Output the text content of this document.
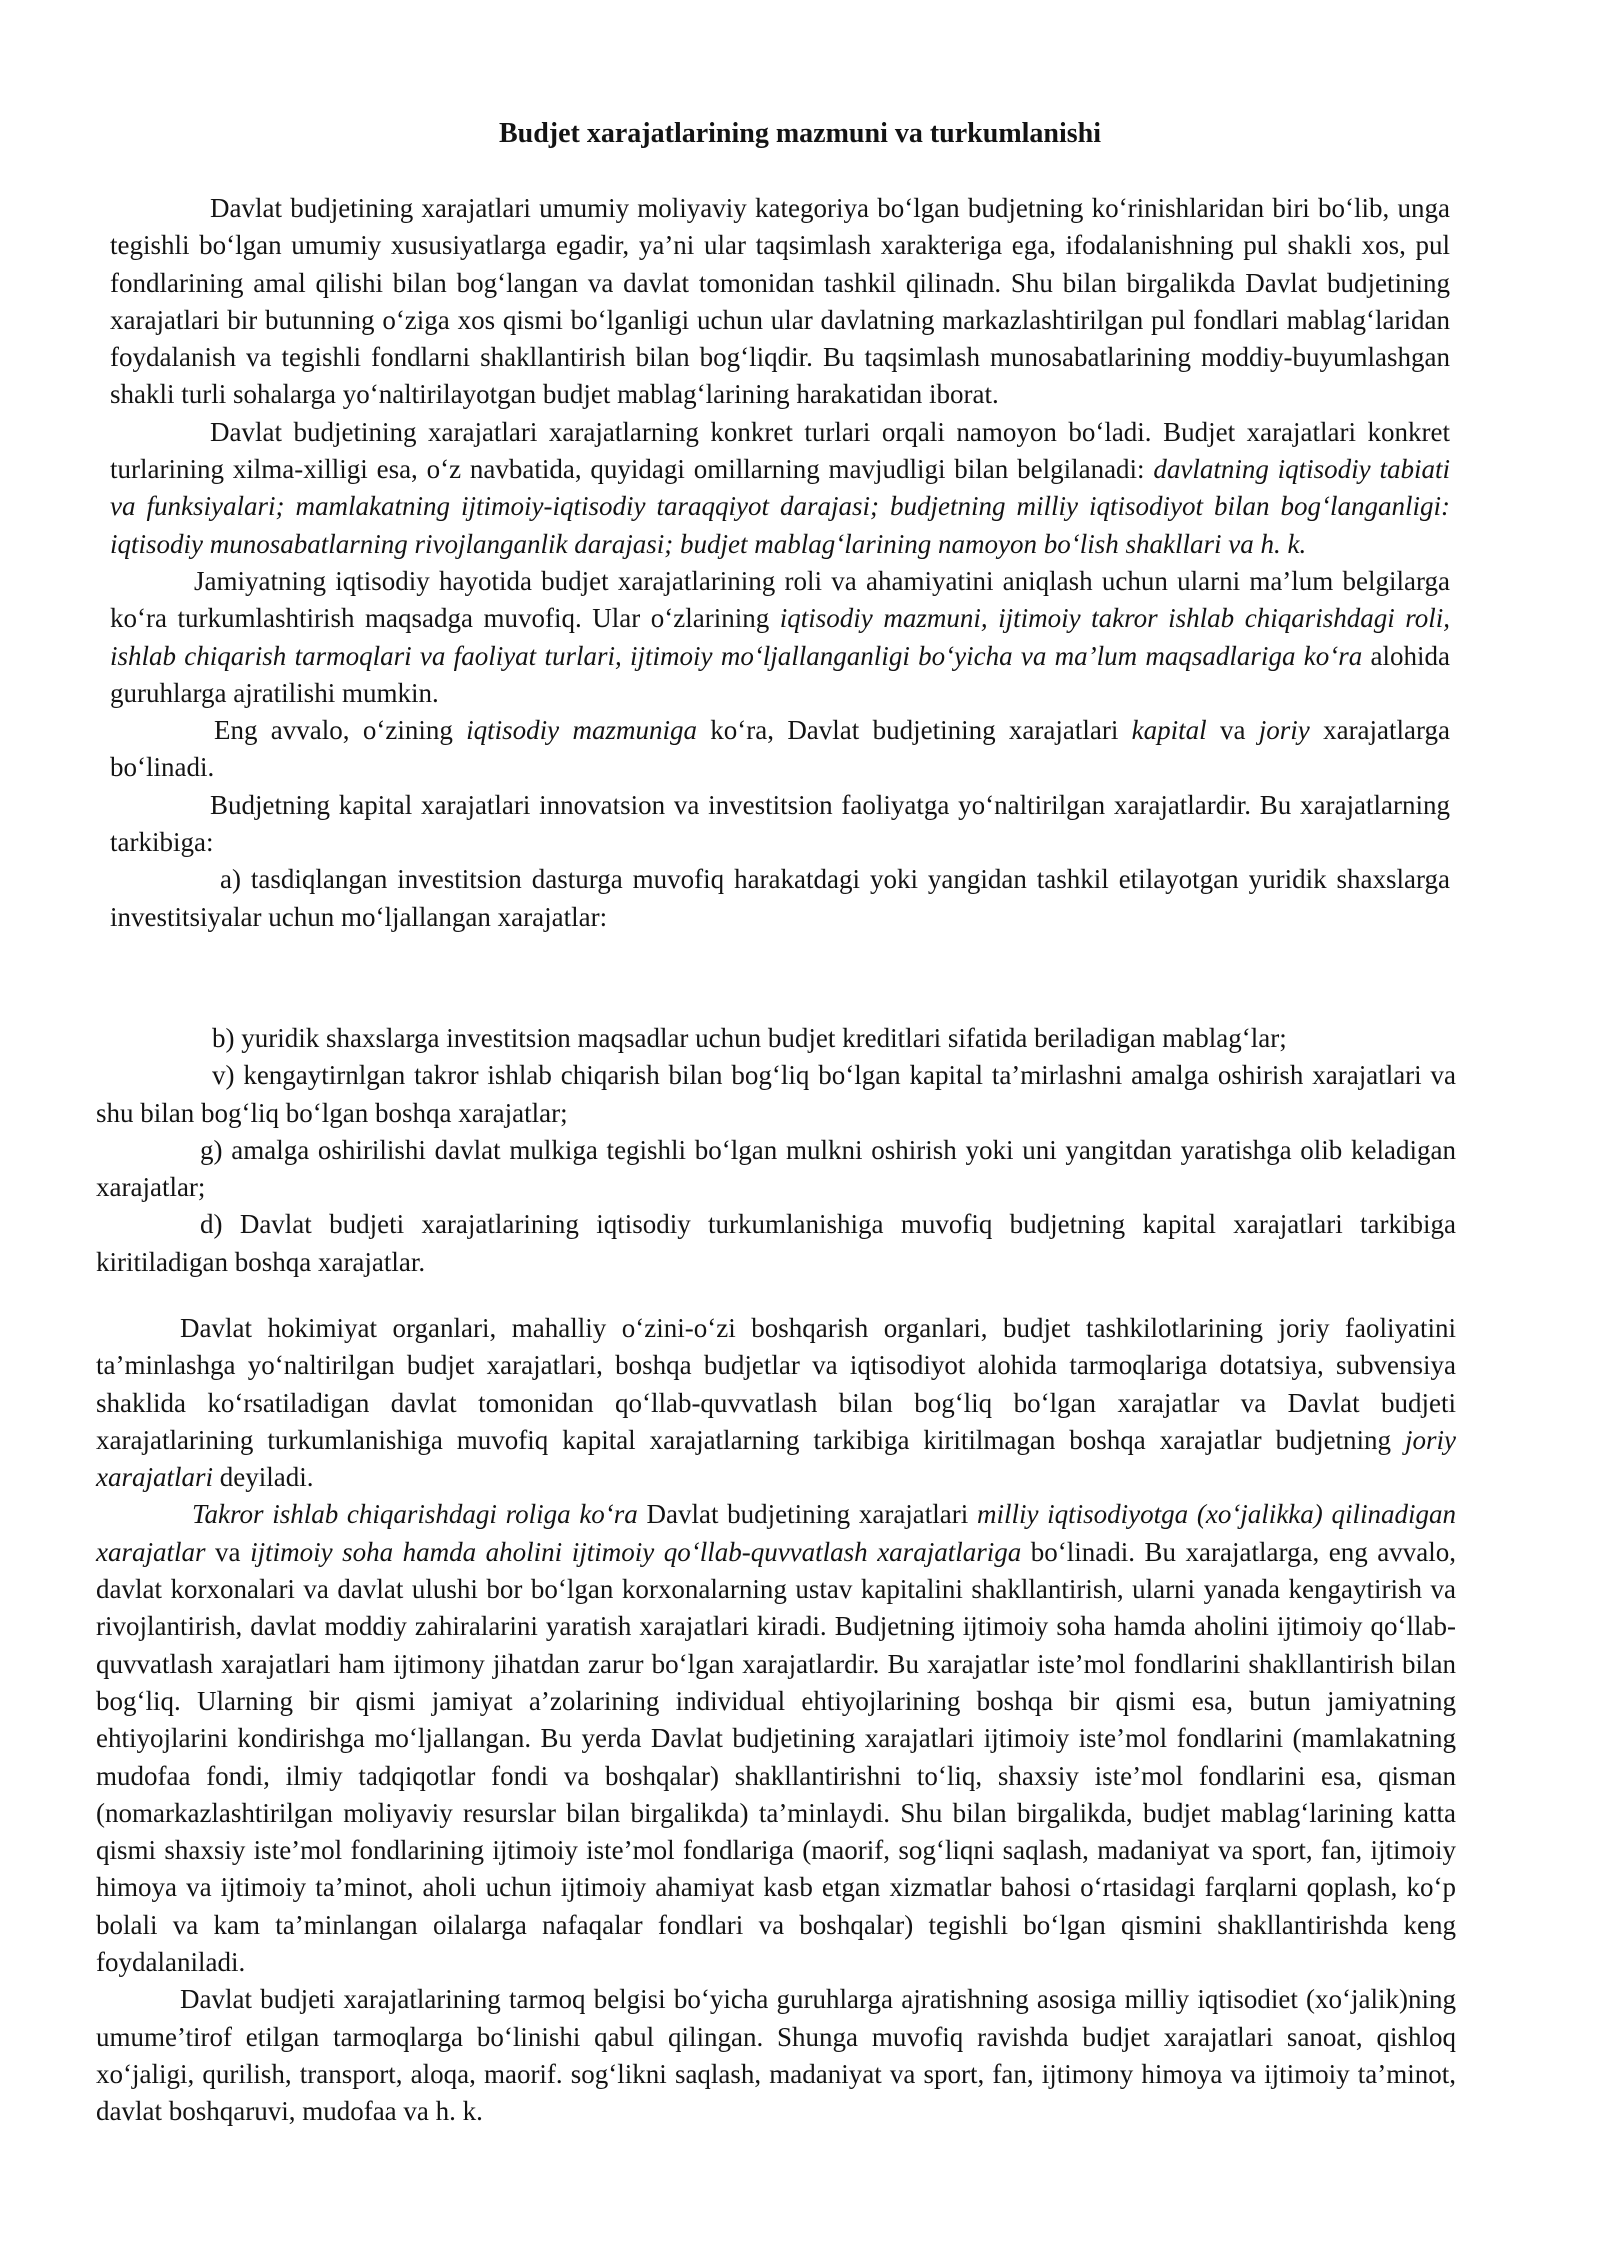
Budjet xarajatlarining mazmuni va turkumlanishi

Davlat budjetining xarajatlari umumiy moliyaviy kategoriya bo‘lgan budjetning ko‘rinishlaridan biri bo‘lib, unga tegishli bo‘lgan umumiy xususiyatlarga egadir, ya’ni ular taqsimlash xarakteriga ega, ifodalanishning pul shakli xos, pul fondlarining amal qilishi bilan bog‘langan va davlat tomonidan tashkil qilinadn. Shu bilan birgalikda Davlat budjetining xarajatlari bir butunning o‘ziga xos qismi bo‘lganligi uchun ular davlatning markazlashtirilgan pul fondlari mablag‘laridan foydalanish va tegishli fondlarni shakllantirish bilan bog‘liqdir. Bu taqsimlash munosabatlarining moddiy-buyumlashgan shakli turli sohalarga yo‘naltirilayotgan budjet mablag‘larining harakatidan iborat.

Davlat budjetining xarajatlari xarajatlarning konkret turlari orqali namoyon bo‘ladi. Budjet xarajatlari konkret turlarining xilma-xilligi esa, o‘z navbatida, quyidagi omillarning mavjudligi bilan belgilanadi: davlatning iqtisodiy tabiati va funksiyalari; mamlakatning ijtimoiy-iqtisodiy taraqqiyot darajasi; budjetning milliy iqtisodiyot bilan bog‘langanligi: iqtisodiy munosabatlarning rivojlanganlik darajasi; budjet mablag‘larining namoyon bo‘lish shakllari va h. k.

Jamiyatning iqtisodiy hayotida budjet xarajatlarining roli va ahamiyatini aniqlash uchun ularni ma’lum belgilarga ko‘ra turkumlashtirish maqsadga muvofiq. Ular o‘zlarining iqtisodiy mazmuni, ijtimoiy takror ishlab chiqarishdagi roli, ishlab chiqarish tarmoqlari va faoliyat turlari, ijtimoiy mo‘ljallanganligi bo‘yicha va ma’lum maqsadlariga ko‘ra alohida guruhlarga ajratilishi mumkin.

Eng avvalo, o‘zining iqtisodiy mazmuniga ko‘ra, Davlat budjetining xarajatlari kapital va joriy xarajatlarga bo‘linadi.

Budjetning kapital xarajatlari innovatsion va investitsion faoliyatga yo‘naltirilgan xarajatlardir. Bu xarajatlarning tarkibiga:

a) tasdiqlangan investitsion dasturga muvofiq harakatdagi yoki yangidan tashkil etilayotgan yuridik shaxslarga investitsiyalar uchun mo‘ljallangan xarajatlar:

b) yuridik shaxslarga investitsion maqsadlar uchun budjet kreditlari sifatida beriladigan mablag‘lar;

v) kengaytirnlgan takror ishlab chiqarish bilan bog‘liq bo‘lgan kapital ta’mirlashni amalga oshirish xarajatlari va shu bilan bog‘liq bo‘lgan boshqa xarajatlar;

g) amalga oshirilishi davlat mulkiga tegishli bo‘lgan mulkni oshirish yoki uni yangitdan yaratishga olib keladigan xarajatlar;

d) Davlat budjeti xarajatlarining iqtisodiy turkumlanishiga muvofiq budjetning kapital xarajatlari tarkibiga kiritiladigan boshqa xarajatlar.

Davlat hokimiyat organlari, mahalliy o‘zini-o‘zi boshqarish organlari, budjet tashkilotlarining joriy faoliyatini ta’minlashga yo‘naltirilgan budjet xarajatlari, boshqa budjetlar va iqtisodiyot alohida tarmoqlariga dotatsiya, subvensiya shaklida ko‘rsatiladigan davlat tomonidan qo‘llab-quvvatlash bilan bog‘liq bo‘lgan xarajatlar va Davlat budjeti xarajatlarining turkumlanishiga muvofiq kapital xarajatlarning tarkibiga kiritilmagan boshqa xarajatlar budjetning joriy xarajatlari deyiladi.

Takror ishlab chiqarishdagi roliga ko‘ra Davlat budjetining xarajatlari milliy iqtisodiyotga (xo‘jalikka) qilinadigan xarajatlar va ijtimoiy soha hamda aholini ijtimoiy qo‘llab-quvvatlash xarajatlariga bo‘linadi. Bu xarajatlarga, eng avvalo, davlat korxonalari va davlat ulushi bor bo‘lgan korxonalarning ustav kapitalini shakllantirish, ularni yanada kengaytirish va rivojlantirish, davlat moddiy zahiralarini yaratish xarajatlari kiradi. Budjetning ijtimoiy soha hamda aholini ijtimoiy qo‘llab-quvvatlash xarajatlari ham ijtimony jihatdan zarur bo‘lgan xarajatlardir. Bu xarajatlar iste’mol fondlarini shakllantirish bilan bog‘liq. Ularning bir qismi jamiyat a’zolarining individual ehtiyojlarining boshqa bir qismi esa, butun jamiyatning ehtiyojlarini kondirishga mo‘ljallangan. Bu yerda Davlat budjetining xarajatlari ijtimoiy iste’mol fondlarini (mamlakatning mudofaa fondi, ilmiy tadqiqotlar fondi va boshqalar) shakllantirishni to‘liq, shaxsiy iste’mol fondlarini esa, qisman (nomarkazlashtirilgan moliyaviy resurslar bilan birgalikda) ta’minlaydi. Shu bilan birgalikda, budjet mablag‘larining katta qismi shaxsiy iste’mol fondlarining ijtimoiy iste’mol fondlariga (maorif, sog‘liqni saqlash, madaniyat va sport, fan, ijtimoiy himoya va ijtimoiy ta’minot, aholi uchun ijtimoiy ahamiyat kasb etgan xizmatlar bahosi o‘rtasidagi farqlarni qoplash, ko‘p bolali va kam ta’minlangan oilalarga nafaqalar fondlari va boshqalar) tegishli bo‘lgan qismini shakllantirishda keng foydalaniladi.

Davlat budjeti xarajatlarining tarmoq belgisi bo‘yicha guruhlarga ajratishning asosiga milliy iqtisodiet (xo‘jalik)ning umume’tirof etilgan tarmoqlarga bo‘linishi qabul qilingan. Shunga muvofiq ravishda budjet xarajatlari sanoat, qishloq xo‘jaligi, qurilish, transport, aloqa, maorif. sog‘likni saqlash, madaniyat va sport, fan, ijtimony himoya va ijtimoiy ta’minot, davlat boshqaruvi, mudofaa va h. k.
